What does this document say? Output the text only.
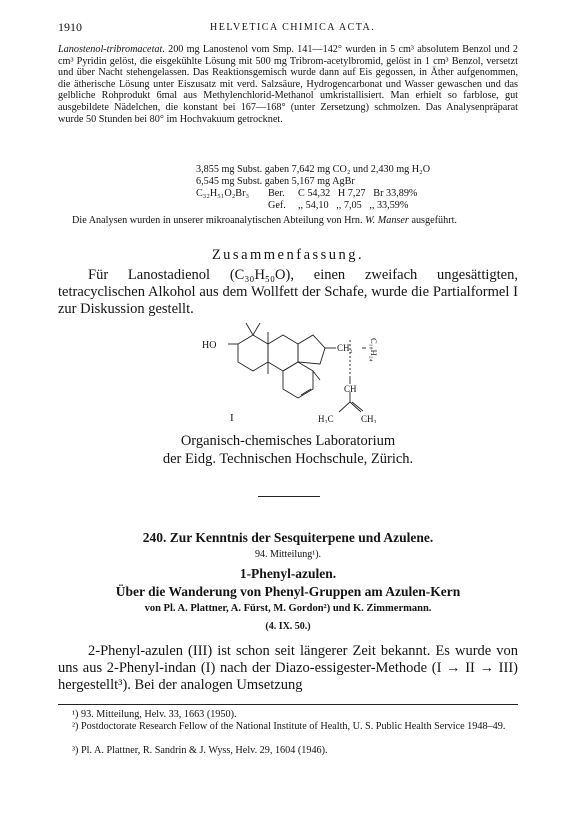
1910	HELVETICA CHIMICA ACTA.
Lanostenol-tribromacetat. 200 mg Lanostenol vom Smp. 141—142° wurden in 5 cm³ absolutem Benzol und 2 cm³ Pyridin gelöst, die eisgekühlte Lösung mit 500 mg Tribrom-acetylbromid, gelöst in 1 cm³ Benzol, versetzt und über Nacht stehengelassen. Das Reaktionsgemisch wurde dann auf Eis gegossen, in Äther aufgenommen, die ätherische Lösung unter Eiszusatz mit verd. Salzsäure, Hydrogencarbonat und Wasser gewaschen und das gelbliche Rohprodukt 6mal aus Methylenchlorid-Methanol umkristallisiert. Man erhielt so farblose, gut ausgebildete Nädelchen, die konstant bei 167—168° (unter Zersetzung) schmolzen. Das Analysenpräparat wurde 50 Stunden bei 80° im Hochvakuum getrocknet.
3,855 mg Subst. gaben 7,642 mg CO₂ und 2,430 mg H₂O
6,545 mg Subst. gaben 5,167 mg AgBr
C₃₂H₅₁O₂Br₃ Ber. C 54,32   H 7,27   Br 33,89%
Gef. ,, 54,10   ,, 7,05   ,, 33,59%
Die Analysen wurden in unserer mikroanalytischen Abteilung von Hrn. W. Manser ausgeführt.
Zusammenfassung.
Für Lanostadienol (C₃₀H₅₀O), einen zweifach ungesättigten, tetracyclischen Alkohol aus dem Wollfett der Schafe, wurde die Partialformel I zur Diskussion gestellt.
HO	CH₂ C₁₈H₂₄
CH
H₃C	CH₃
I
Organisch-chemisches Laboratorium
der Eidg. Technischen Hochschule, Zürich.
240. Zur Kenntnis der Sesquiterpene und Azulene.
94. Mitteilung¹).
1-Phenyl-azulen.
Über die Wanderung von Phenyl-Gruppen am Azulen-Kern
von Pl. A. Plattner, A. Fürst, M. Gordon²) und K. Zimmermann.
(4. IX. 50.)
2-Phenyl-azulen (III) ist schon seit längerer Zeit bekannt. Es wurde von uns aus 2-Phenyl-indan (I) nach der Diazo-essigester-Methode (I → II → III) hergestellt³). Bei der analogen Umsetzung
¹) 93. Mitteilung, Helv. 33, 1663 (1950).
²) Postdoctorate Research Fellow of the National Institute of Health, U. S. Public Health Service 1948–49.
³) Pl. A. Plattner, R. Sandrin & J. Wyss, Helv. 29, 1604 (1946).
